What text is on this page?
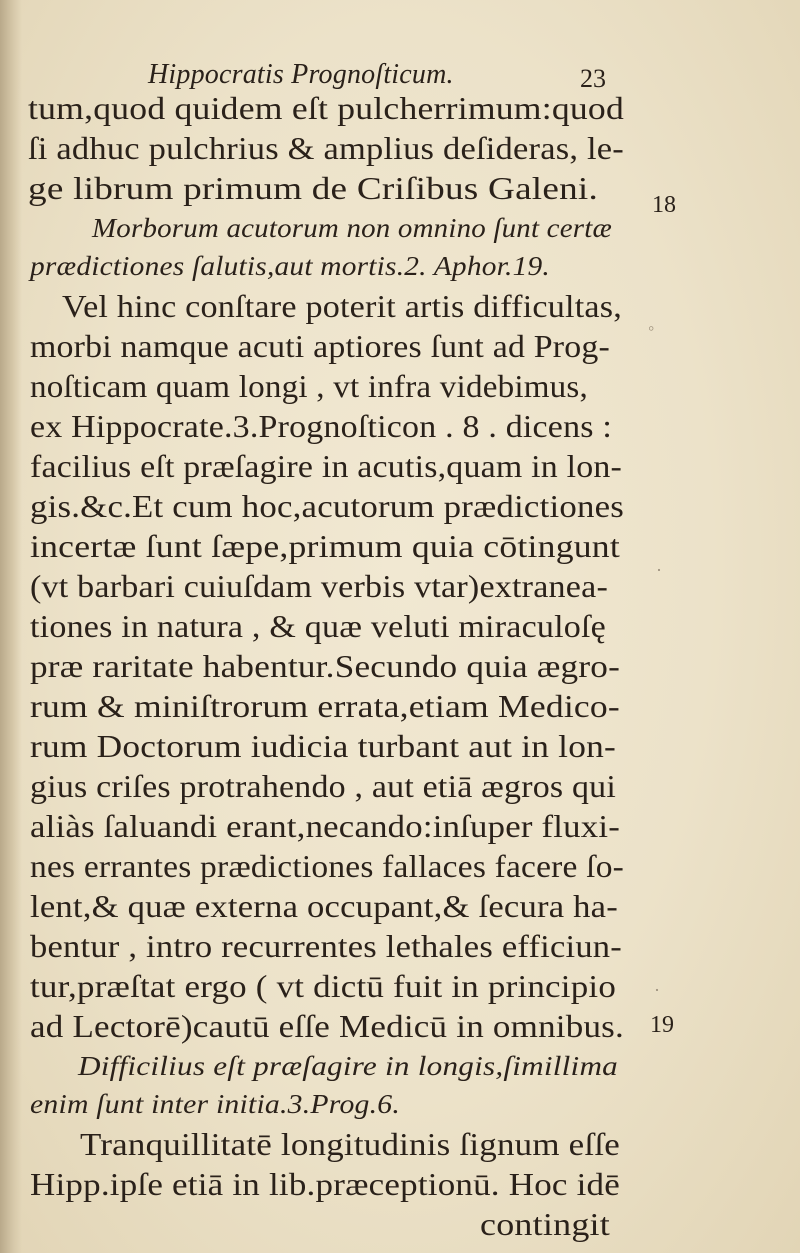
Hippocratis Prognoſticum.	23
tum,quod quidem eſt pulcherrimum:quod
ſi adhuc pulchrius & amplius deſideras, le-
ge librum primum de Criſibus Galeni.
Morborum acutorum non omnino ſunt certæ
prædictiones ſalutis,aut mortis.2. Aphor.19.
Vel hinc conſtare poterit artis difficultas,
morbi namque acuti aptiores ſunt ad Prog-
noſticam quam longi , vt infra videbimus,
ex Hippocrate.3.Prognoſticon . 8 . dicens :
facilius eſt præſagire in acutis,quam in lon-
gis.&c.Et cum hoc,acutorum prædictiones
incertæ ſunt ſæpe,primum quia cōtingunt
(vt barbari cuiuſdam verbis vtar)extranea-
tiones in natura , & quæ veluti miraculoſę
præ raritate habentur.Secundo quia ægro-
rum & miniſtrorum errata,etiam Medico-
rum Doctorum iudicia turbant aut in lon-
gius criſes protrahendo , aut etiā ægros qui
aliàs ſaluandi erant,necando:inſuper fluxi-
nes errantes prædictiones fallaces facere ſo-
lent,& quæ externa occupant,& ſecura ha-
bentur , intro recurrentes lethales efficiun-
tur,præſtat ergo ( vt dictū fuit in principio
ad Lectorē)cautū eſſe Medicū in omnibus.
Difficilius eſt præſagire in longis,ſimillima
enim ſunt inter initia.3.Prog.6.
Tranquillitatē longitudinis ſignum eſſe
Hipp.ipſe etiā in lib.præceptionū. Hoc idē
contingit
18
19
◦
·
·
